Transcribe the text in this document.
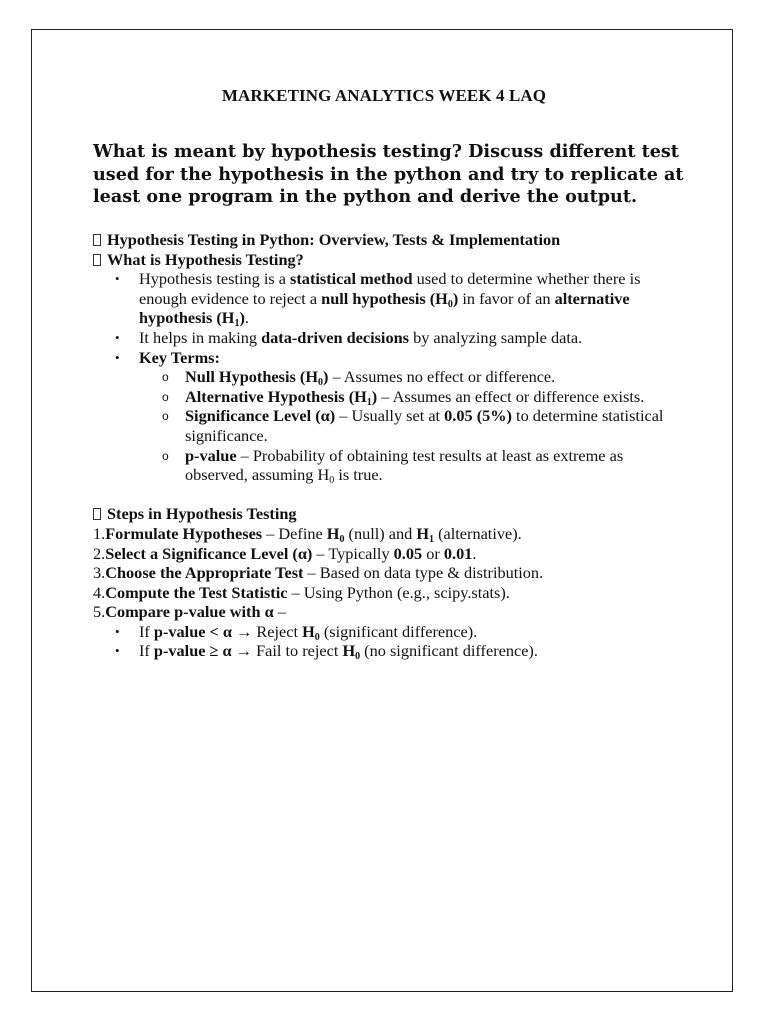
MARKETING ANALYTICS WEEK 4 LAQ

What is meant by hypothesis testing? Discuss different test used for the hypothesis in the python and try to replicate at least one program in the python and derive the output.

Hypothesis Testing in Python: Overview, Tests & Implementation
What is Hypothesis Testing?
• Hypothesis testing is a statistical method used to determine whether there is enough evidence to reject a null hypothesis $(H_0)$ in favor of an alternative hypothesis $(H_1)$.
• It helps in making data-driven decisions by analyzing sample data.
• Key Terms:
o Null Hypothesis $(H_0)$ – Assumes no effect or difference.
o Alternative Hypothesis $(H_1)$ – Assumes an effect or difference exists.
o Significance Level (α) – Usually set at 0.05 (5%) to determine statistical significance.
o p-value – Probability of obtaining test results at least as extreme as observed, assuming $H_0$ is true.
Steps in Hypothesis Testing
1.Formulate Hypotheses – Define $H_0$ (null) and $H_1$ (alternative).
2.Select a Significance Level (α) – Typically 0.05 or 0.01.
3.Choose the Appropriate Test – Based on data type & distribution.
4.Compute the Test Statistic – Using Python (e.g., scipy.stats).
5.Compare p-value with α –
• If p-value < α → Reject $H_0$ (significant difference).
• If p-value ≥ α → Fail to reject $H_0$ (no significant difference).
